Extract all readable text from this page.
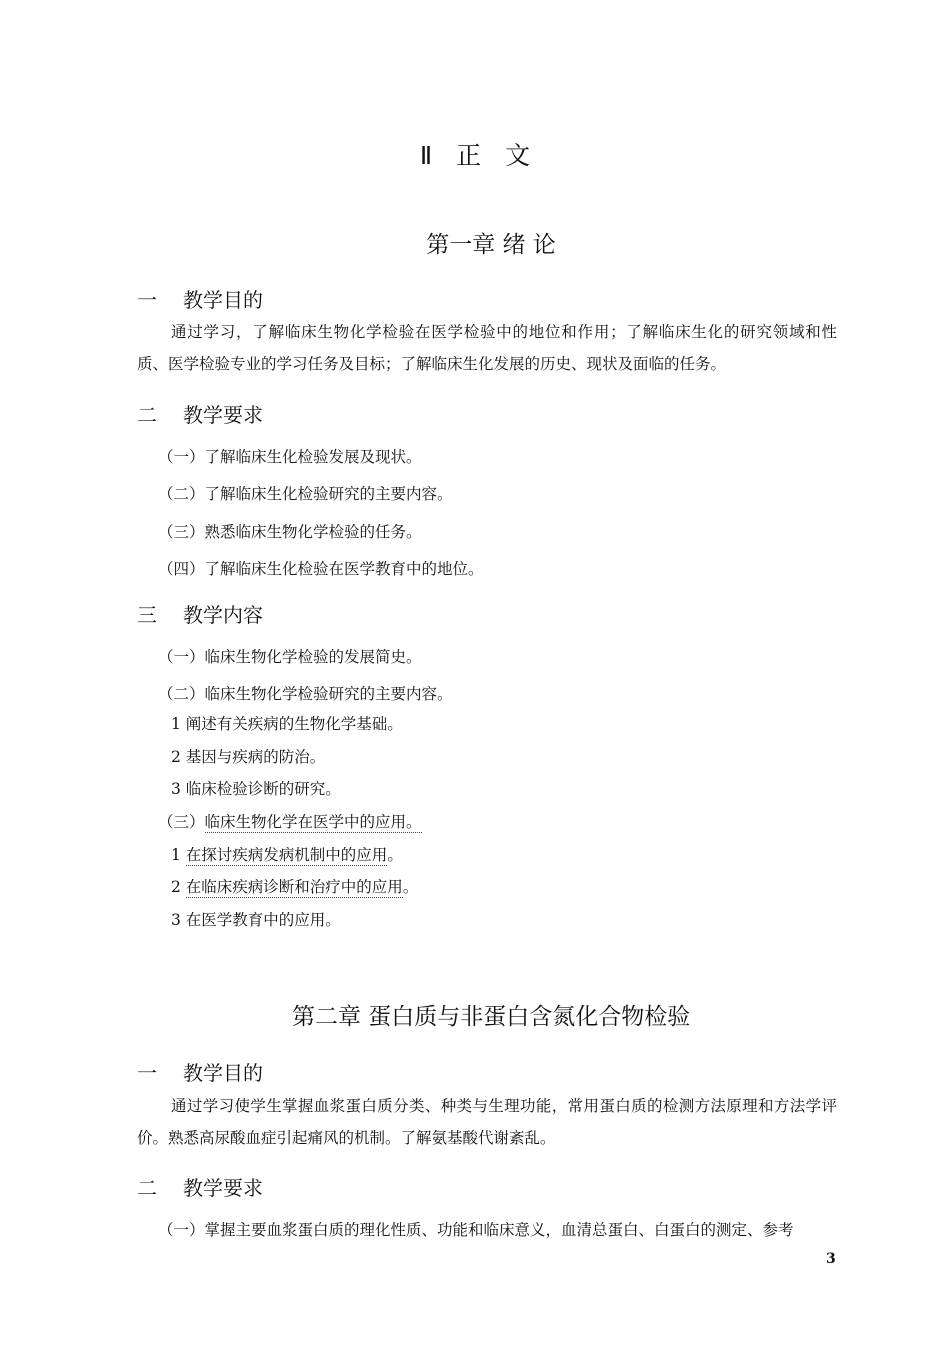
Ⅱ 正 文
第一章 绪 论
一 教学目的
通过学习，了解临床生物化学检验在医学检验中的地位和作用；了解临床生化的研究领域和性质、医学检验专业的学习任务及目标；了解临床生化发展的历史、现状及面临的任务。
二 教学要求
（一）了解临床生化检验发展及现状。
（二）了解临床生化检验研究的主要内容。
（三）熟悉临床生物化学检验的任务。
（四）了解临床生化检验在医学教育中的地位。
三 教学内容
（一）临床生物化学检验的发展简史。
（二）临床生物化学检验研究的主要内容。
1 阐述有关疾病的生物化学基础。
2 基因与疾病的防治。
3 临床检验诊断的研究。
（三）临床生物化学在医学中的应用。
1 在探讨疾病发病机制中的应用。
2 在临床疾病诊断和治疗中的应用。
3 在医学教育中的应用。
第二章 蛋白质与非蛋白含氮化合物检验
一 教学目的
通过学习使学生掌握血浆蛋白质分类、种类与生理功能，常用蛋白质的检测方法原理和方法学评价。熟悉高尿酸血症引起痛风的机制。了解氨基酸代谢紊乱。
二 教学要求
（一）掌握主要血浆蛋白质的理化性质、功能和临床意义，血清总蛋白、白蛋白的测定、参考
3
